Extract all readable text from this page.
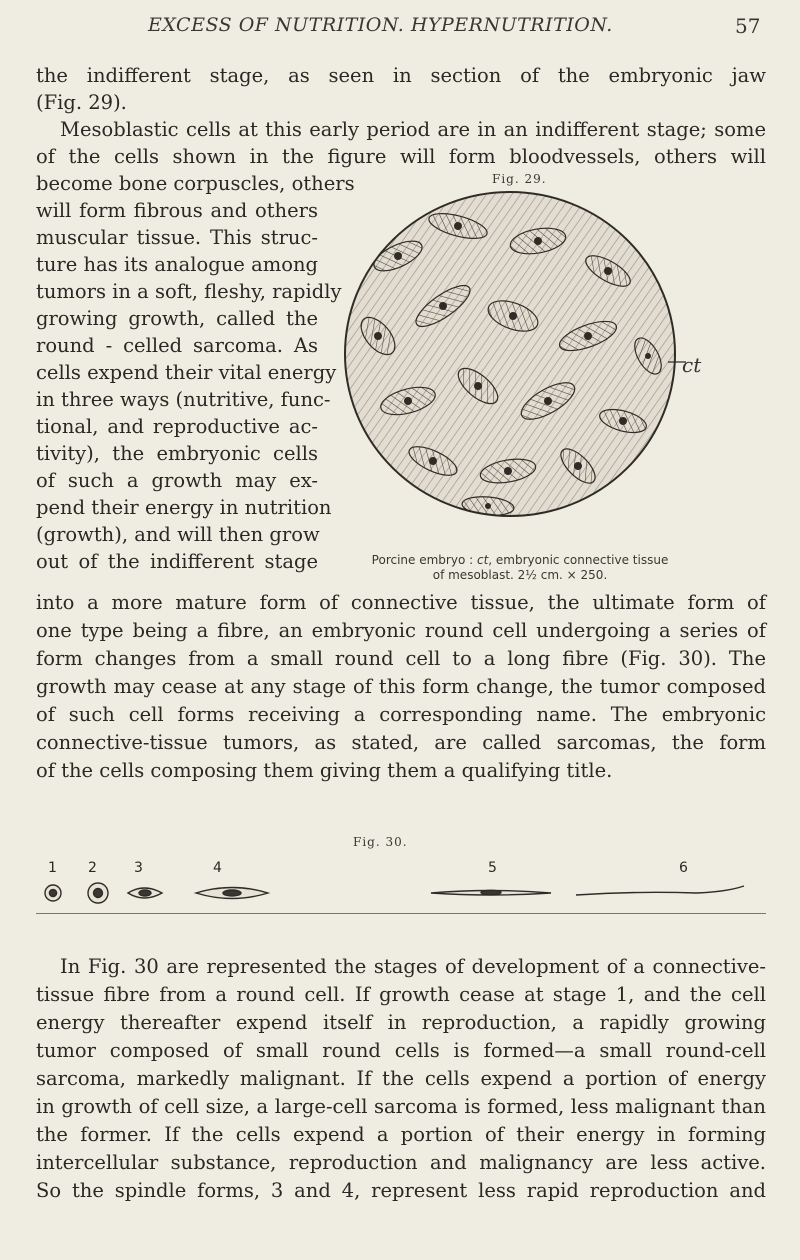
EXCESS OF NUTRITION. HYPERNUTRITION.	57
the indifferent stage, as seen in section of the embryonic jaw
(Fig. 29).
Mesoblastic cells at this early period are in an indifferent stage; some
of the cells shown in the figure will form bloodvessels, others will
become bone corpuscles, others
will form fibrous and others
muscular tissue. This struc-
ture has its analogue among
tumors in a soft, fleshy, rapidly
growing growth, called the
round - celled sarcoma. As
cells expend their vital energy
in three ways (nutritive, func-
tional, and reproductive ac-
tivity), the embryonic cells
of such a growth may ex-
pend their energy in nutrition
(growth), and will then grow
out of the indifferent stage
Fig. 29.
ct
Porcine embryo : ct, embryonic connective tissue
of mesoblast. 2½ cm. × 250.
into a more mature form of connective tissue, the ultimate form of
one type being a fibre, an embryonic round cell undergoing a series of
form changes from a small round cell to a long fibre (Fig. 30). The
growth may cease at any stage of this form change, the tumor composed
of such cell forms receiving a corresponding name. The embryonic
connective-tissue tumors, as stated, are called sarcomas, the form
of the cells composing them giving them a qualifying title.
Fig. 30.
1 2	3	4	5	6
In Fig. 30 are represented the stages of development of a connective-
tissue fibre from a round cell. If growth cease at stage 1, and the cell
energy thereafter expend itself in reproduction, a rapidly growing
tumor composed of small round cells is formed—a small round-cell
sarcoma, markedly malignant. If the cells expend a portion of energy
in growth of cell size, a large-cell sarcoma is formed, less malignant than
the former. If the cells expend a portion of their energy in forming
intercellular substance, reproduction and malignancy are less active.
So the spindle forms, 3 and 4, represent less rapid reproduction and
